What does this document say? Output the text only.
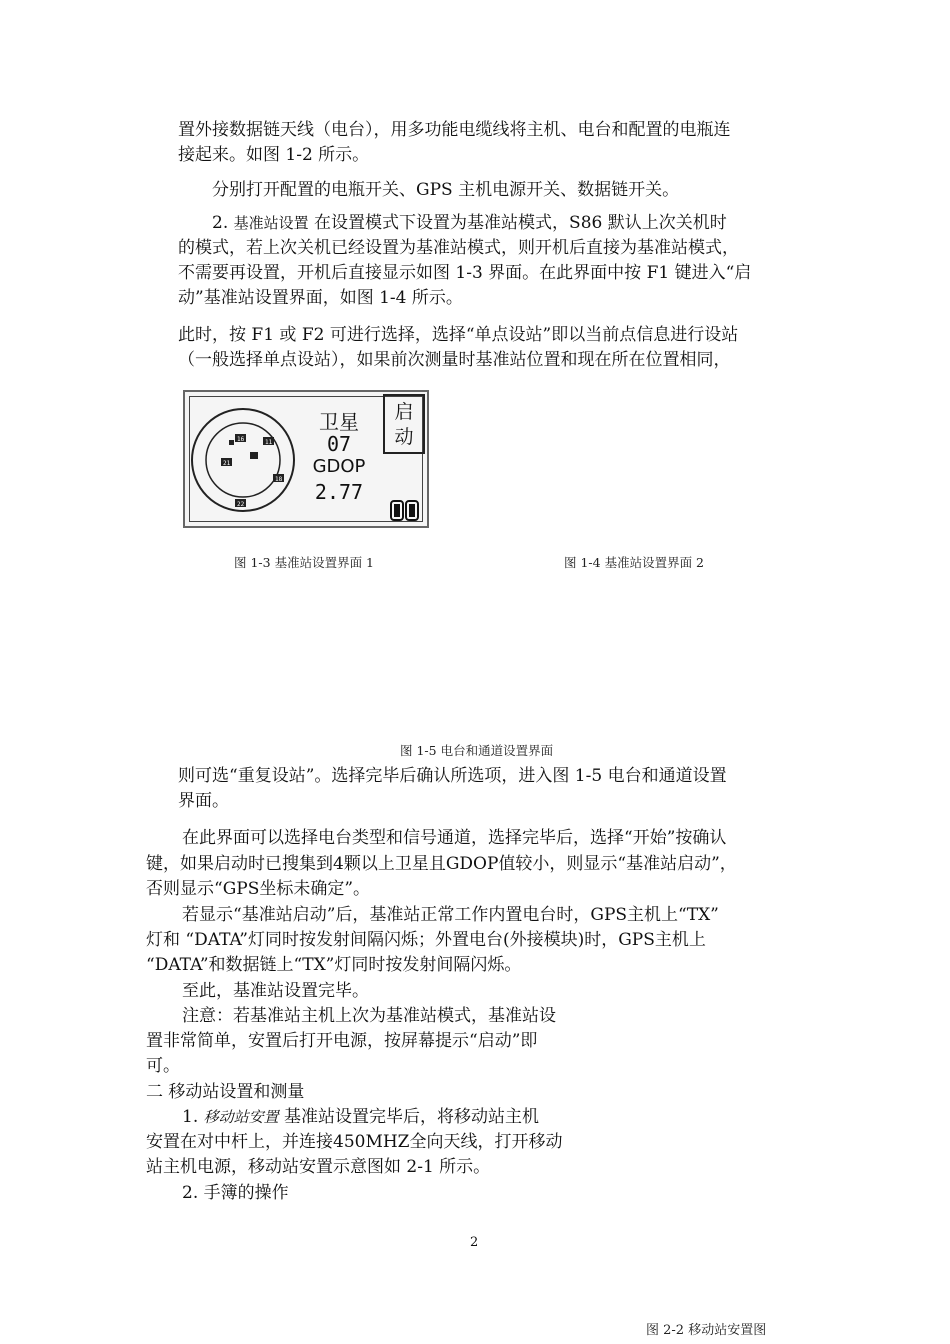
置外接数据链天线（电台），用多功能电缆线将主机、电台和配置的电瓶连
接起来。如图 1-2 所示。
分别打开配置的电瓶开关、GPS 主机电源开关、数据链开关。
2. 基准站设置 在设置模式下设置为基准站模式，S86 默认上次关机时
的模式，若上次关机已经设置为基准站模式，则开机后直接为基准站模式，
不需要再设置，开机后直接显示如图 1-3 界面。在此界面中按 F1 键进入“启
动”基准站设置界面，如图 1-4 所示。
此时，按 F1 或 F2 可进行选择，选择“单点设站”即以当前点信息进行设站
（一般选择单点设站），如果前次测量时基准站位置和现在所在位置相同，
16	11
21
18
22
卫星
07
GDOP
2.77
启动
图 1-3 基准站设置界面 1	图 1-4 基准站设置界面 2
图 1-5 电台和通道设置界面
则可选“重复设站”。选择完毕后确认所选项，进入图 1-5 电台和通道设置
界面。
在此界面可以选择电台类型和信号通道，选择完毕后，选择“开始”按确认
键，如果启动时已搜集到4颗以上卫星且GDOP值较小，则显示“基准站启动”，
否则显示“GPS坐标未确定”。
若显示“基准站启动”后，基准站正常工作内置电台时，GPS主机上“TX”
灯和 “DATA”灯同时按发射间隔闪烁；外置电台(外接模块)时，GPS主机上
“DATA”和数据链上“TX”灯同时按发射间隔闪烁。
至此，基准站设置完毕。
注意：若基准站主机上次为基准站模式，基准站设
置非常简单，安置后打开电源，按屏幕提示“启动”即
可。
二 移动站设置和测量
1. 移动站安置 基准站设置完毕后，将移动站主机
安置在对中杆上，并连接450MHZ全向天线，打开移动
站主机电源，移动站安置示意图如 2-1 所示。
2. 手簿的操作
2
图 2-2 移动站安置图
